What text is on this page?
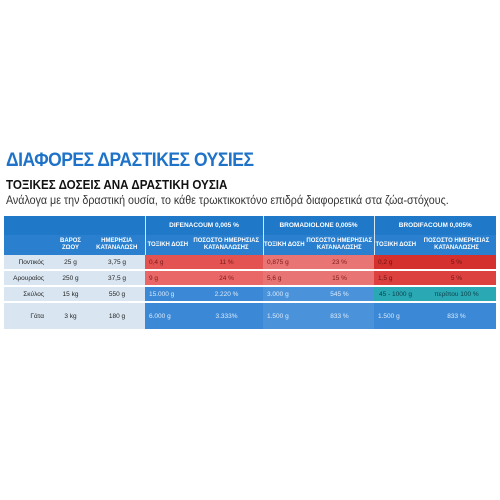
ΔΙΑΦΟΡΕΣ ΔΡΑΣΤΙΚΕΣ ΟΥΣΙΕΣ
ΤΟΞΙΚΕΣ ΔΟΣΕΙΣ ΑΝΑ ΔΡΑΣΤΙΚΗ ΟΥΣΙΑ
Ανάλογα με την δραστική ουσία, το κάθε τρωκτικοκτόνο επιδρά διαφορετικά στα ζώα-στόχους.
			DIFENACOUM 0,005 %		BROMADIOLONE 0,005%		BRODIFACOUM 0,005%	
	ΒΑΡΟΣ ΖΩΟΥ	ΗΜΕΡΗΣΙΑ ΚΑΤΑΝΑΛΩΣΗ	ΤΟΞΙΚΗ ΔΟΣΗ	ΠΟΣΟΣΤΟ ΗΜΕΡΗΣΙΑΣ ΚΑΤΑΝΑΛΩΣΗΣ	ΤΟΞΙΚΗ ΔΟΣΗ	ΠΟΣΟΣΤΟ ΗΜΕΡΗΣΙΑΣ ΚΑΤΑΝΑΛΩΣΗΣ	ΤΟΞΙΚΗ ΔΟΣΗ	ΠΟΣΟΣΤΟ ΗΜΕΡΗΣΙΑΣ ΚΑΤΑΝΑΛΩΣΗΣ
Ποντικός	25 g	3,75 g	0,4 g	11 %	0,875 g	23 %	0,2 g	5 %

Αρουραίος	250 g	37,5 g	9 g	24 %	5,6 g	15 %	1,5 g	5 %

Σκύλος	15 kg	550 g	15.000 g	2.220 %	3.000 g	545 %	45 - 1000 g	περίπου 100 %

Γάτα	3 kg	180 g	6.000 g	3.333%	1.500 g	833 %	1.500 g	833 %
